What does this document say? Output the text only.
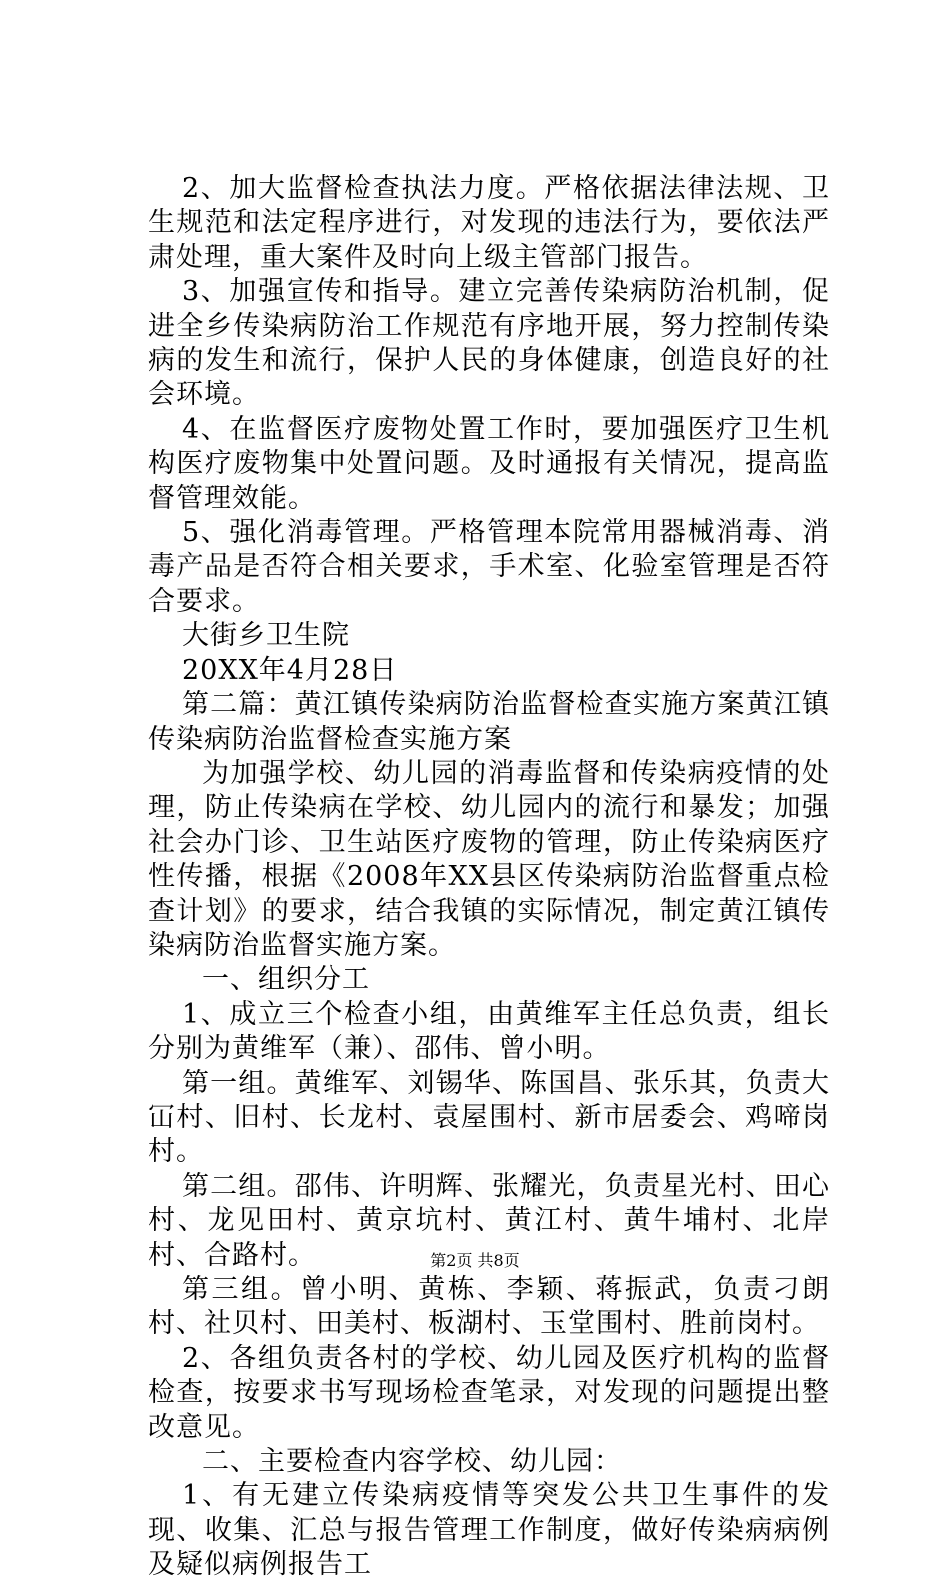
2、加大监督检查执法力度。严格依据法律法规、卫生规范和法定程序进行，对发现的违法行为，要依法严肃处理，重大案件及时向上级主管部门报告。

3、加强宣传和指导。建立完善传染病防治机制，促进全乡传染病防治工作规范有序地开展，努力控制传染病的发生和流行，保护人民的身体健康，创造良好的社会环境。

4、在监督医疗废物处置工作时，要加强医疗卫生机构医疗废物集中处置问题。及时通报有关情况，提高监督管理效能。

5、强化消毒管理。严格管理本院常用器械消毒、消毒产品是否符合相关要求，手术室、化验室管理是否符合要求。

大街乡卫生院

20XX年4月28日

第二篇：黄江镇传染病防治监督检查实施方案黄江镇传染病防治监督检查实施方案

为加强学校、幼儿园的消毒监督和传染病疫情的处理，防止传染病在学校、幼儿园内的流行和暴发；加强社会办门诊、卫生站医疗废物的管理，防止传染病医疗性传播，根据《2008年XX县区传染病防治监督重点检查计划》的要求，结合我镇的实际情况，制定黄江镇传染病防治监督实施方案。

一、组织分工

1、成立三个检查小组，由黄维军主任总负责，组长分别为黄维军（兼）、邵伟、曾小明。

第一组。黄维军、刘锡华、陈国昌、张乐其，负责大冚村、旧村、长龙村、袁屋围村、新市居委会、鸡啼岗村。

第二组。邵伟、许明辉、张耀光，负责星光村、田心村、龙见田村、黄京坑村、黄江村、黄牛埔村、北岸村、合路村。

第三组。曾小明、黄栋、李颖、蒋振武，负责刁朗村、社贝村、田美村、板湖村、玉堂围村、胜前岗村。

2、各组负责各村的学校、幼儿园及医疗机构的监督检查，按要求书写现场检查笔录，对发现的问题提出整改意见。

二、主要检查内容学校、幼儿园：

1、有无建立传染病疫情等突发公共卫生事件的发现、收集、汇总与报告管理工作制度，做好传染病病例及疑似病例报告工

第2页 共8页
